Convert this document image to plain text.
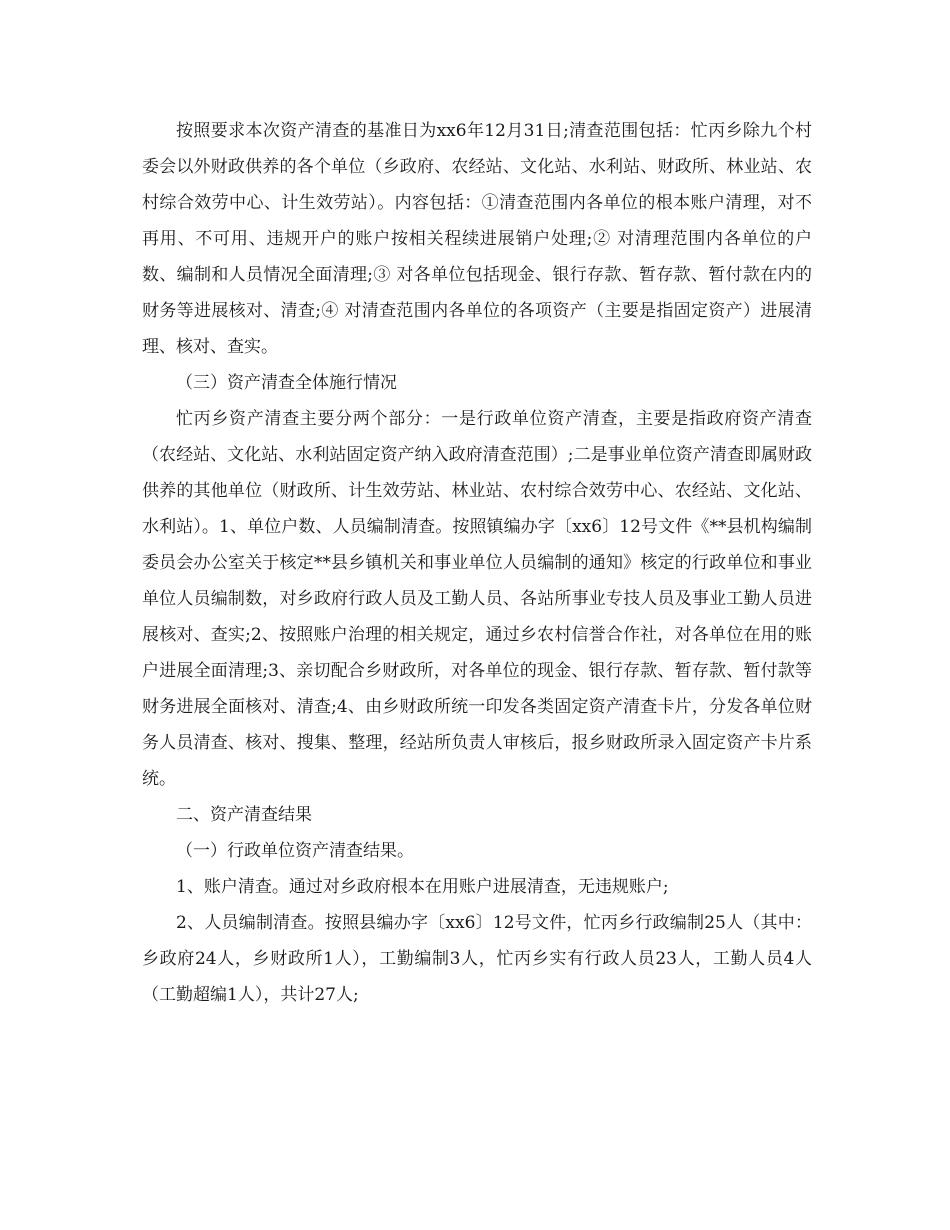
按照要求本次资产清查的基准日为xx6年12月31日;清查范围包括：忙丙乡除九个村委会以外财政供养的各个单位（乡政府、农经站、文化站、水利站、财政所、林业站、农村综合效劳中心、计生效劳站）。内容包括：①清查范围内各单位的根本账户清理，对不再用、不可用、违规开户的账户按相关程续进展销户处理;② 对清理范围内各单位的户数、编制和人员情况全面清理;③ 对各单位包括现金、银行存款、暂存款、暂付款在内的财务等进展核对、清查;④ 对清查范围内各单位的各项资产（主要是指固定资产）进展清理、核对、查实。

（三）资产清查全体施行情况

忙丙乡资产清查主要分两个部分：一是行政单位资产清查，主要是指政府资产清查（农经站、文化站、水利站固定资产纳入政府清查范围）;二是事业单位资产清查即属财政供养的其他单位（财政所、计生效劳站、林业站、农村综合效劳中心、农经站、文化站、水利站）。1、单位户数、人员编制清查。按照镇编办字〔xx6〕12号文件《**县机构编制委员会办公室关于核定**县乡镇机关和事业单位人员编制的通知》核定的行政单位和事业单位人员编制数，对乡政府行政人员及工勤人员、各站所事业专技人员及事业工勤人员进展核对、查实;2、按照账户治理的相关规定，通过乡农村信誉合作社，对各单位在用的账户进展全面清理;3、亲切配合乡财政所，对各单位的现金、银行存款、暂存款、暂付款等财务进展全面核对、清查;4、由乡财政所统一印发各类固定资产清查卡片，分发各单位财务人员清查、核对、搜集、整理，经站所负责人审核后，报乡财政所录入固定资产卡片系统。

二、资产清查结果

（一）行政单位资产清查结果。

1、账户清查。通过对乡政府根本在用账户进展清查，无违规账户;

2、人员编制清查。按照县编办字〔xx6〕12号文件，忙丙乡行政编制25人（其中：乡政府24人，乡财政所1人），工勤编制3人，忙丙乡实有行政人员23人，工勤人员4人（工勤超编1人），共计27人;
